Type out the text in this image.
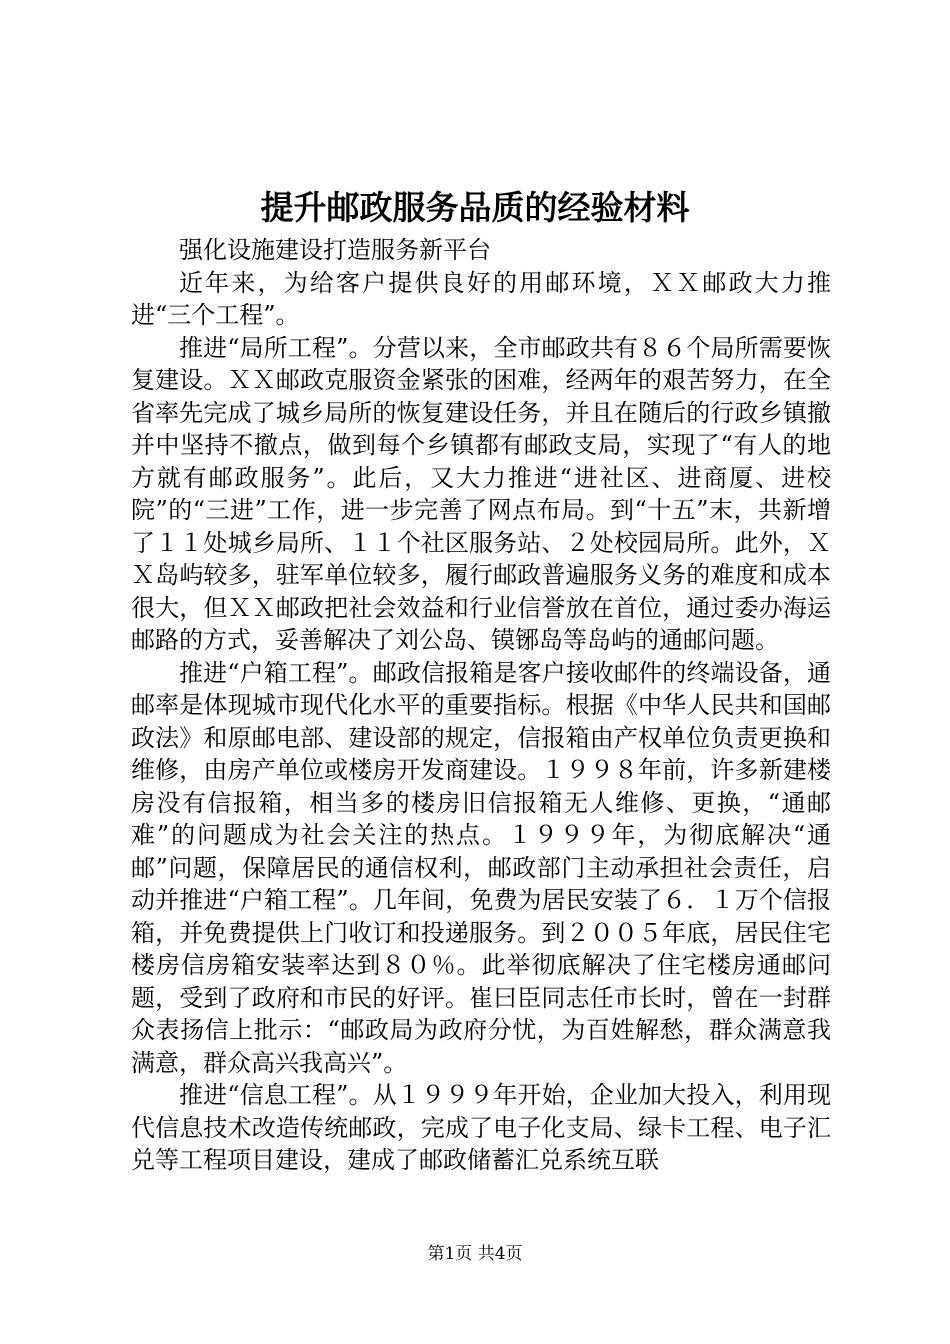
提升邮政服务品质的经验材料

强化设施建设打造服务新平台

近年来，为给客户提供良好的用邮环境，ＸＸ邮政大力推进“三个工程”。

推进“局所工程”。分营以来，全市邮政共有８６个局所需要恢复建设。ＸＸ邮政克服资金紧张的困难，经两年的艰苦努力，在全省率先完成了城乡局所的恢复建设任务，并且在随后的行政乡镇撤并中坚持不撤点，做到每个乡镇都有邮政支局，实现了“有人的地方就有邮政服务”。此后，又大力推进“进社区、进商厦、进校院”的“三进”工作，进一步完善了网点布局。到“十五”末，共新增了１１处城乡局所、１１个社区服务站、２处校园局所。此外，ＸＸ岛屿较多，驻军单位较多，履行邮政普遍服务义务的难度和成本很大，但ＸＸ邮政把社会效益和行业信誉放在首位，通过委办海运邮路的方式，妥善解决了刘公岛、镆铘岛等岛屿的通邮问题。

推进“户箱工程”。邮政信报箱是客户接收邮件的终端设备，通邮率是体现城市现代化水平的重要指标。根据《中华人民共和国邮政法》和原邮电部、建设部的规定，信报箱由产权单位负责更换和维修，由房产单位或楼房开发商建设。１９９８年前，许多新建楼房没有信报箱，相当多的楼房旧信报箱无人维修、更换，“通邮难”的问题成为社会关注的热点。１９９９年，为彻底解决“通邮”问题，保障居民的通信权利，邮政部门主动承担社会责任，启动并推进“户箱工程”。几年间，免费为居民安装了６．１万个信报箱，并免费提供上门收订和投递服务。到２００５年底，居民住宅楼房信房箱安装率达到８０％。此举彻底解决了住宅楼房通邮问题，受到了政府和市民的好评。崔曰臣同志任市长时，曾在一封群众表扬信上批示：“邮政局为政府分忧，为百姓解愁，群众满意我满意，群众高兴我高兴”。

推进“信息工程”。从１９９９年开始，企业加大投入，利用现代信息技术改造传统邮政，完成了电子化支局、绿卡工程、电子汇兑等工程项目建设，建成了邮政储蓄汇兑系统互联

第1页 共4页
